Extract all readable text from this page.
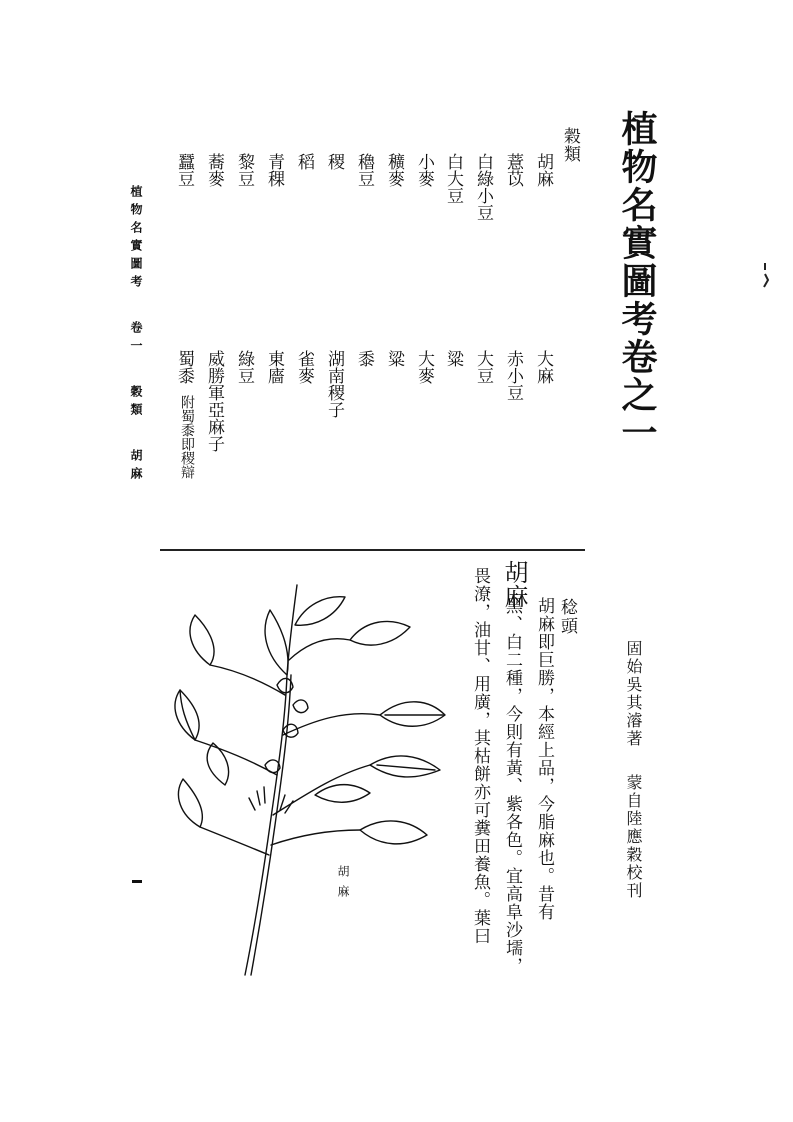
植物名實圖考卷之一
固始吳其濬著蒙自陸應穀校刊
穀類
胡麻
大麻
薏苡
赤小豆
白綠小豆
大豆
白大豆
粱
小麥
大麥
穬麥
粱
穭豆
黍
稷
湖南稷子
稻
雀麥
青稞
東廧
黎豆
綠豆
蕎麥
威勝軍亞麻子
蠶豆
蜀黍
附蜀黍即稷辯
植物名實圖考卷一穀類胡麻
稔頭
胡麻
胡麻即巨勝，本經上品，今脂麻也。昔有
黑、白二種，今則有黃、紫各色。宜高阜沙壖，
畏潦，油甘、用廣，其枯餅亦可糞田養魚。葉曰
胡麻
